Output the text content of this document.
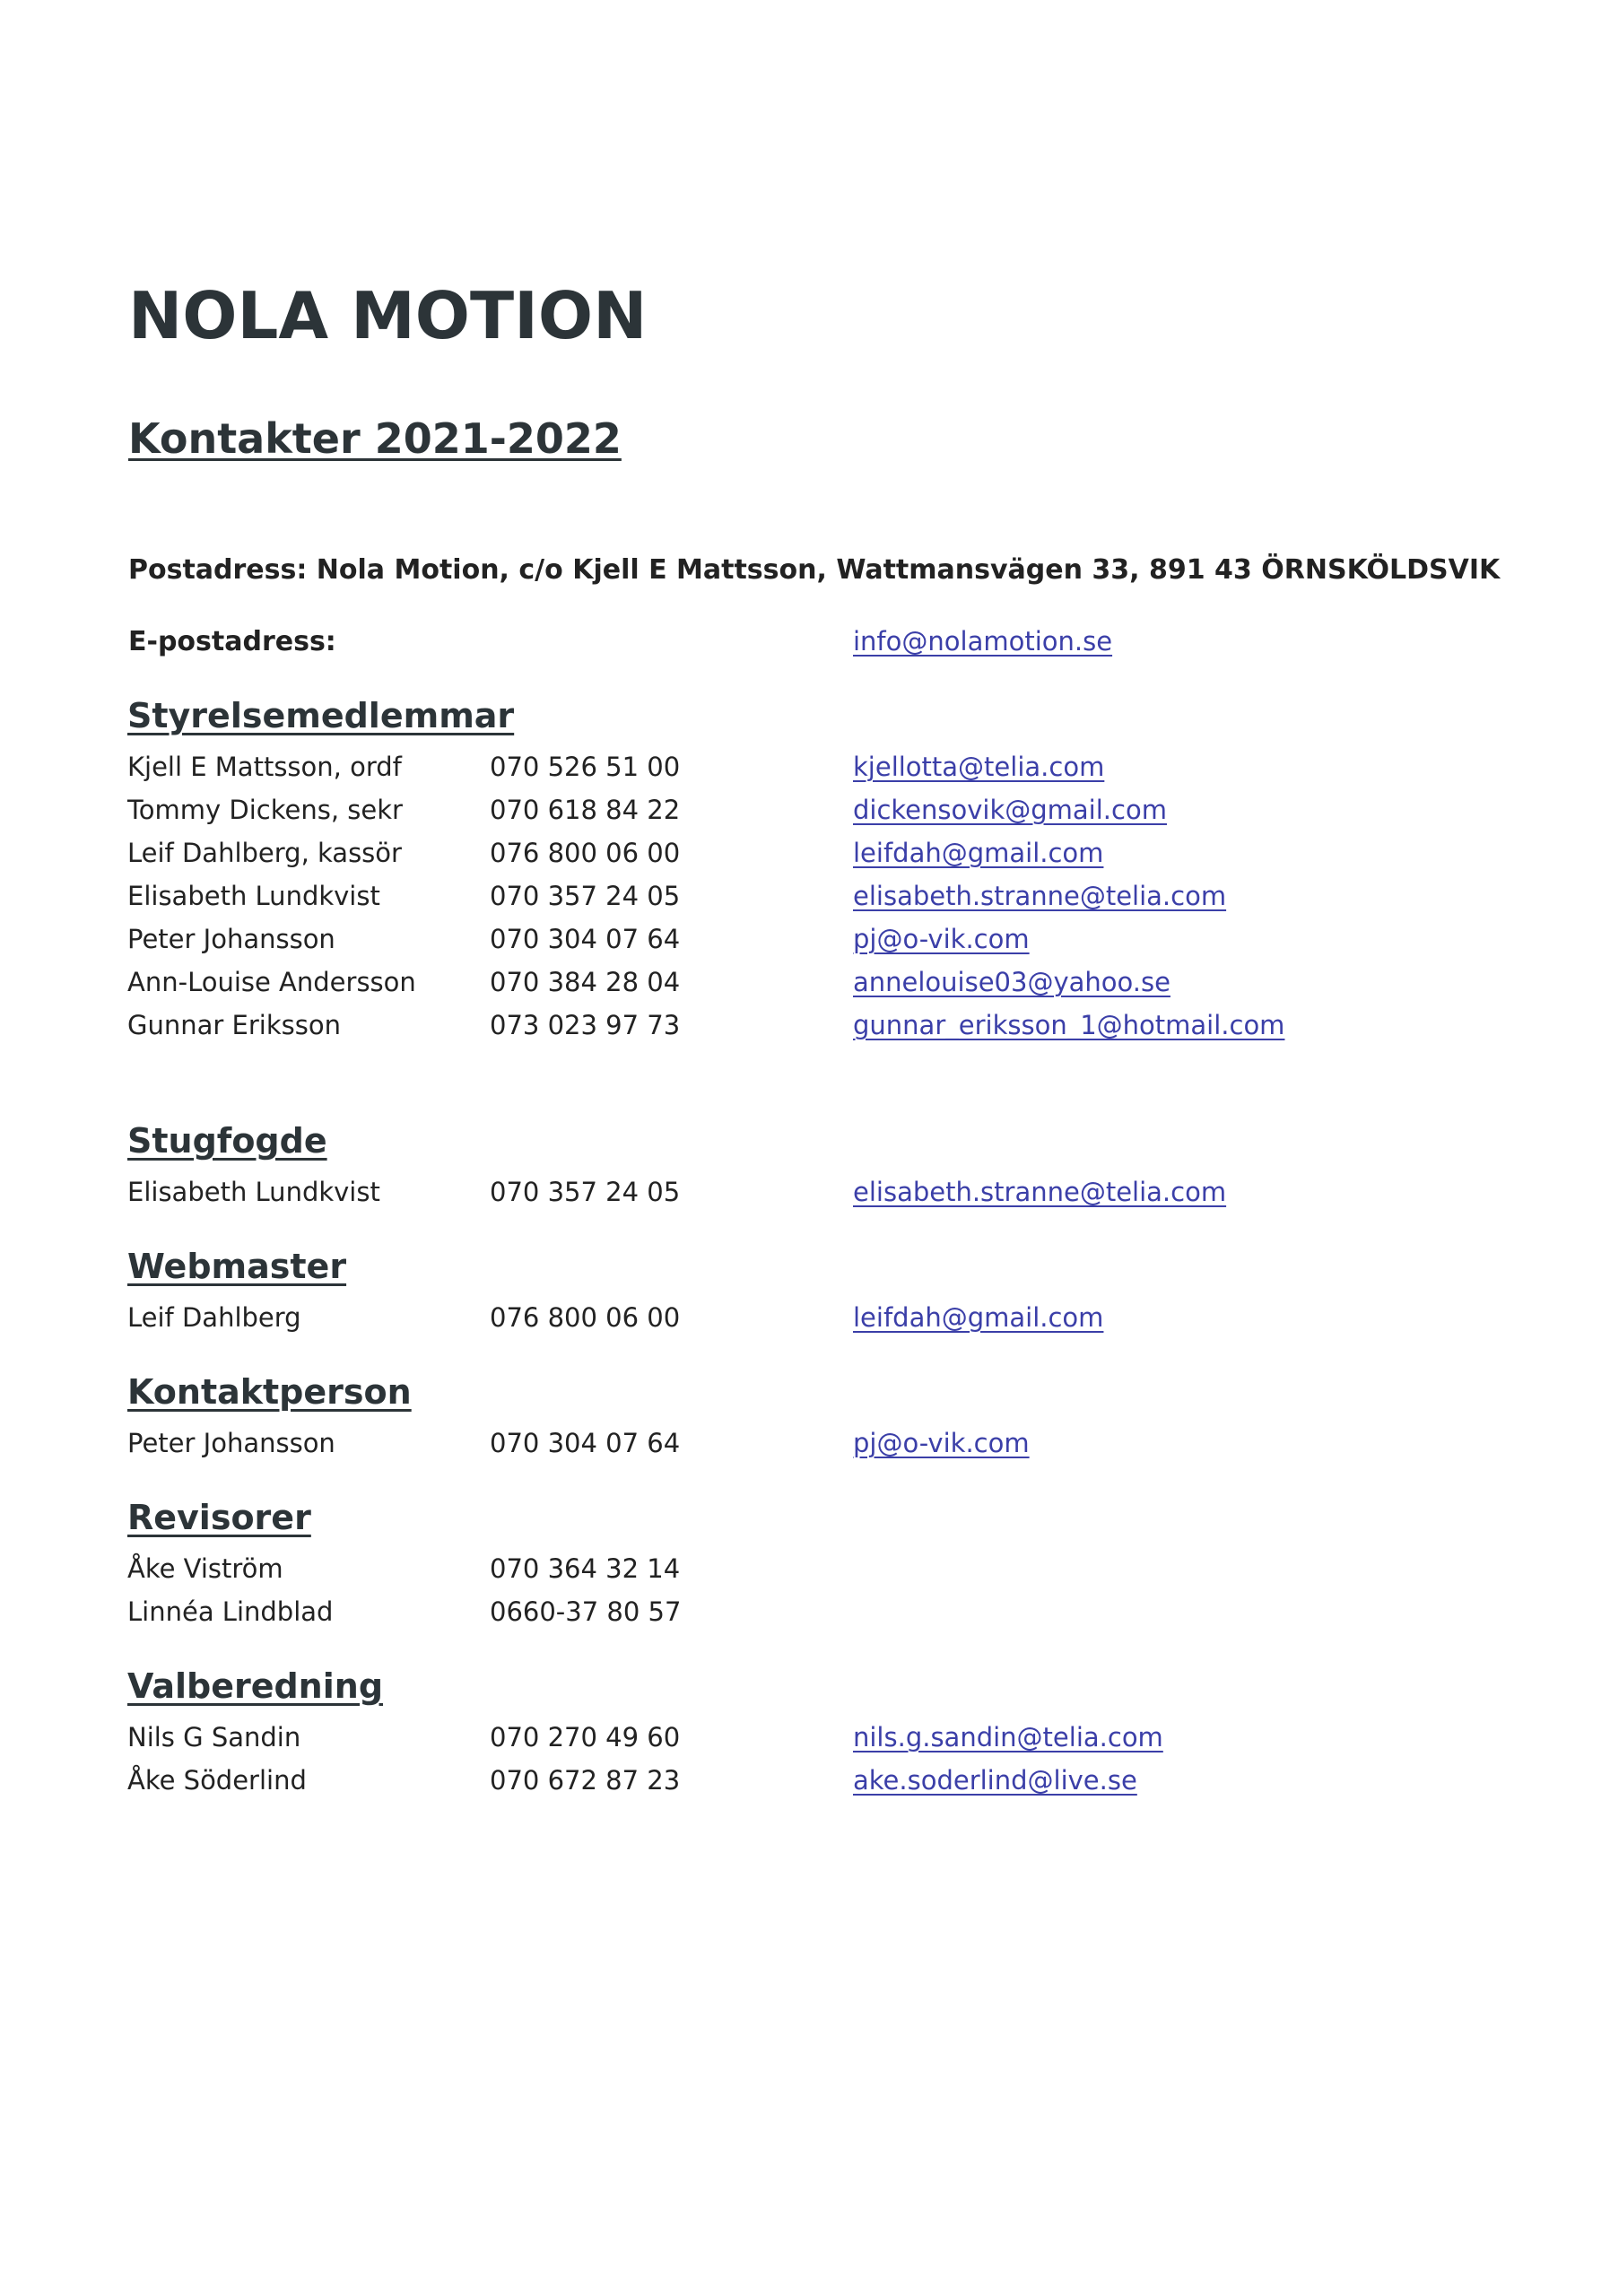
NOLA MOTION
Kontakter 2021-2022
Postadress: Nola Motion, c/o Kjell E Mattsson, Wattmansvägen 33, 891 43 ÖRNSKÖLDSVIK
E-postadress:	info@nolamotion.se
Styrelsemedlemmar
Kjell E Mattsson, ordf	070 526 51 00	kjellotta@telia.com
Tommy Dickens, sekr	070 618 84 22	dickensovik@gmail.com
Leif Dahlberg, kassör	076 800 06 00	leifdah@gmail.com
Elisabeth Lundkvist	070 357 24 05	elisabeth.stranne@telia.com
Peter Johansson	070 304 07 64	pj@o-vik.com
Ann-Louise Andersson	070 384 28 04	annelouise03@yahoo.se
Gunnar Eriksson	073 023 97 73	gunnar_eriksson_1@hotmail.com
Stugfogde
Elisabeth Lundkvist	070 357 24 05	elisabeth.stranne@telia.com
Webmaster
Leif Dahlberg	076 800 06 00	leifdah@gmail.com
Kontaktperson
Peter Johansson	070 304 07 64	pj@o-vik.com
Revisorer
Åke Viström	070 364 32 14
Linnéa Lindblad	0660-37 80 57
Valberedning
Nils G Sandin	070 270 49 60	nils.g.sandin@telia.com
Åke Söderlind	070 672 87 23	ake.soderlind@live.se
